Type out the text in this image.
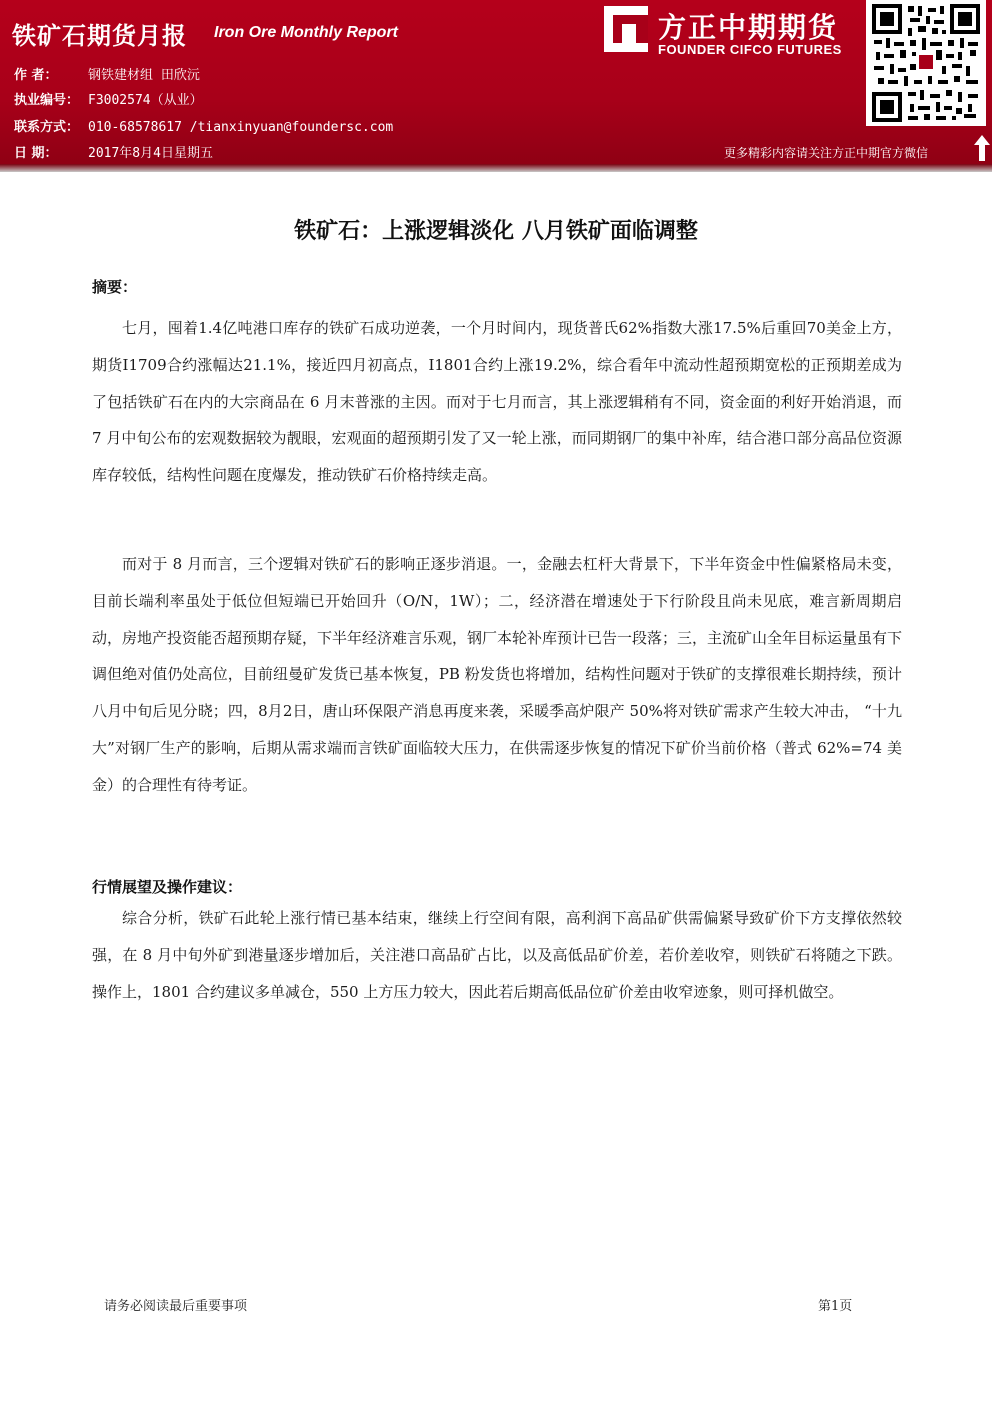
铁矿石期货月报 Iron Ore Monthly Report
作 者： 钢铁建材组 田欣沅
执业编号： F3002574（从业）
联系方式： 010-68578617 /tianxinyuan@foundersc.com
日 期： 2017年8月4日星期五
方正中期期货
FOUNDER CIFCO FUTURES
更多精彩内容请关注方正中期官方微信
铁矿石：上涨逻辑淡化 八月铁矿面临调整
摘要：
七月，囤着1.4亿吨港口库存的铁矿石成功逆袭，一个月时间内，现货普氏62%指数大涨17.5%后重回70美金上方，期货I1709合约涨幅达21.1%，接近四月初高点，I1801合约上涨19.2%，综合看年中流动性超预期宽松的正预期差成为了包括铁矿石在内的大宗商品在 6 月末普涨的主因。而对于七月而言，其上涨逻辑稍有不同，资金面的利好开始消退，而 7 月中旬公布的宏观数据较为靓眼，宏观面的超预期引发了又一轮上涨，而同期钢厂的集中补库，结合港口部分高品位资源库存较低，结构性问题在度爆发，推动铁矿石价格持续走高。
而对于 8 月而言，三个逻辑对铁矿石的影响正逐步消退。一，金融去杠杆大背景下，下半年资金中性偏紧格局未变，目前长端利率虽处于低位但短端已开始回升（O/N，1W）；二，经济潜在增速处于下行阶段且尚未见底，难言新周期启动，房地产投资能否超预期存疑，下半年经济难言乐观，钢厂本轮补库预计已告一段落；三，主流矿山全年目标运量虽有下调但绝对值仍处高位，目前纽曼矿发货已基本恢复，PB 粉发货也将增加，结构性问题对于铁矿的支撑很难长期持续，预计八月中旬后见分晓；四，8月2日，唐山环保限产消息再度来袭，采暖季高炉限产 50%将对铁矿需求产生较大冲击， “十九大”对钢厂生产的影响，后期从需求端而言铁矿面临较大压力，在供需逐步恢复的情况下矿价当前价格（普式 62%=74 美金）的合理性有待考证。
行情展望及操作建议：
综合分析，铁矿石此轮上涨行情已基本结束，继续上行空间有限，高利润下高品矿供需偏紧导致矿价下方支撑依然较强，在 8 月中旬外矿到港量逐步增加后，关注港口高品矿占比，以及高低品矿价差，若价差收窄，则铁矿石将随之下跌。操作上，1801 合约建议多单减仓，550 上方压力较大，因此若后期高低品位矿价差由收窄迹象，则可择机做空。
请务必阅读最后重要事项	第1页
